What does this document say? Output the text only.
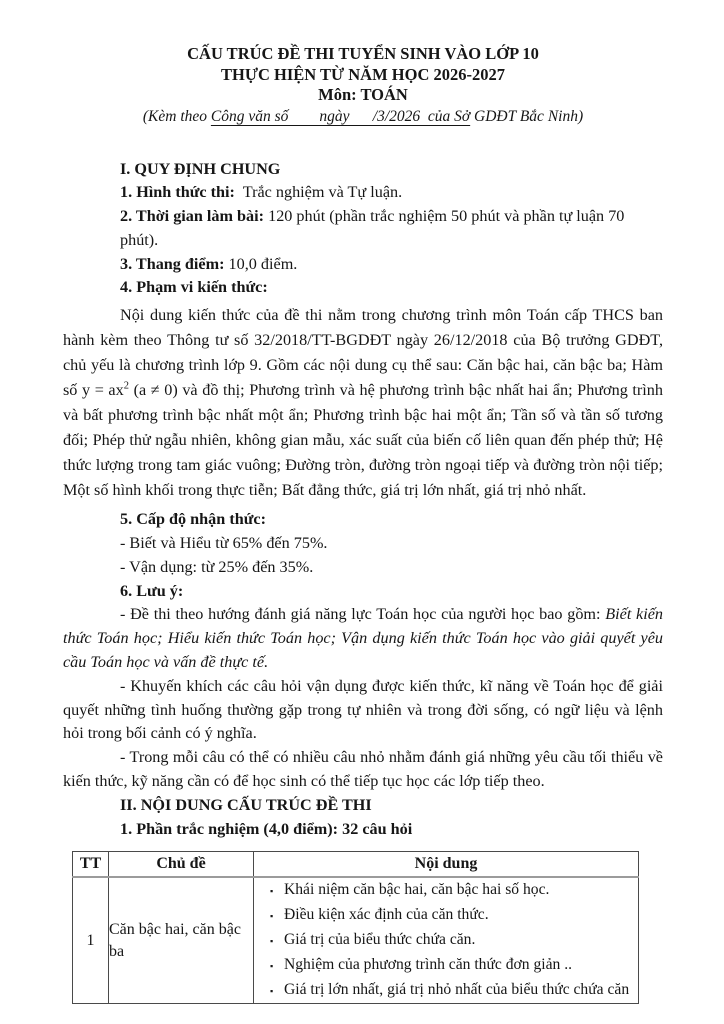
CẤU TRÚC ĐỀ THI TUYỂN SINH VÀO LỚP 10
THỰC HIỆN TỪ NĂM HỌC 2026-2027
Môn: TOÁN
(Kèm theo Công văn số        ngày      /3/2026  của Sở GDĐT Bắc Ninh)
I. QUY ĐỊNH CHUNG
1. Hình thức thi:  Trắc nghiệm và Tự luận.
2. Thời gian làm bài: 120 phút (phần trắc nghiệm 50 phút và phần tự luận 70 phút).
3. Thang điểm: 10,0 điểm.
4. Phạm vi kiến thức:

Nội dung kiến thức của đề thi nằm trong chương trình môn Toán cấp THCS ban hành kèm theo Thông tư số 32/2018/TT-BGDĐT ngày 26/12/2018 của Bộ trưởng GDĐT, chủ yếu là chương trình lớp 9. Gồm các nội dung cụ thể sau: Căn bậc hai, căn bậc ba; Hàm số $y = ax^2$ (a ≠ 0) và đồ thị; Phương trình và hệ phương trình bậc nhất hai ẩn; Phương trình và bất phương trình bậc nhất một ẩn; Phương trình bậc hai một ẩn; Tần số và tần số tương đối; Phép thử ngẫu nhiên, không gian mẫu, xác suất của biến cố liên quan đến phép thử; Hệ thức lượng trong tam giác vuông; Đường tròn, đường tròn ngoại tiếp và đường tròn nội tiếp; Một số hình khối trong thực tiễn; Bất đẳng thức, giá trị lớn nhất, giá trị nhỏ nhất.

5. Cấp độ nhận thức:
- Biết và Hiểu từ 65% đến 75%.
- Vận dụng: từ 25% đến 35%.
6. Lưu ý:

- Đề thi theo hướng đánh giá năng lực Toán học của người học bao gồm: Biết kiến thức Toán học; Hiểu kiến thức Toán học; Vận dụng kiến thức Toán học vào giải quyết yêu cầu Toán học và vấn đề thực tế.

- Khuyến khích các câu hỏi vận dụng được kiến thức, kĩ năng về Toán học để giải quyết những tình huống thường gặp trong tự nhiên và trong đời sống, có ngữ liệu và lệnh hỏi trong bối cảnh có ý nghĩa.

- Trong mỗi câu có thể có nhiều câu nhỏ nhằm đánh giá những yêu cầu tối thiểu về kiến thức, kỹ năng cần có để học sinh có thể tiếp tục học các lớp tiếp theo.

II. NỘI DUNG CẤU TRÚC ĐỀ THI
1. Phần trắc nghiệm (4,0 điểm): 32 câu hỏi
TT	Chủ đề	Nội dung
1	Căn bậc hai, căn bậc ba	
▪ Khái niệm căn bậc hai, căn bậc hai số học.
▪ Điều kiện xác định của căn thức.
▪ Giá trị của biểu thức chứa căn.
▪ Nghiệm của phương trình căn thức đơn giản ..
▪ Giá trị lớn nhất, giá trị nhỏ nhất của biểu thức chứa căn
